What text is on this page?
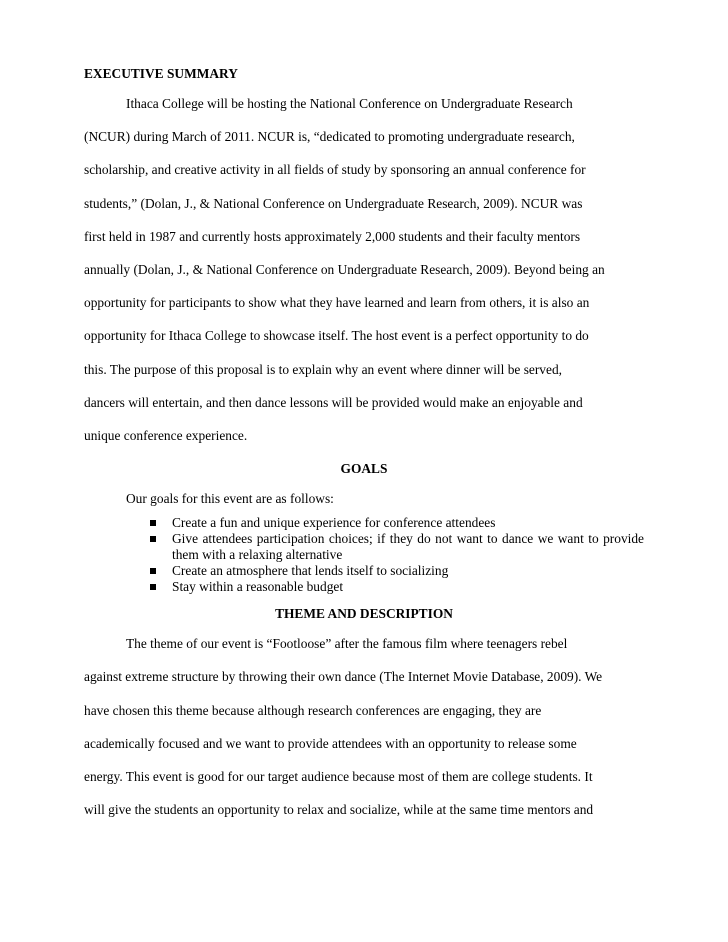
EXECUTIVE SUMMARY

Ithaca College will be hosting the National Conference on Undergraduate Research
(NCUR) during March of 2011. NCUR is, “dedicated to promoting undergraduate research,
scholarship, and creative activity in all fields of study by sponsoring an annual conference for
students,” (Dolan, J., & National Conference on Undergraduate Research, 2009). NCUR was
first held in 1987 and currently hosts approximately 2,000 students and their faculty mentors
annually (Dolan, J., & National Conference on Undergraduate Research, 2009). Beyond being an
opportunity for participants to show what they have learned and learn from others, it is also an
opportunity for Ithaca College to showcase itself. The host event is a perfect opportunity to do
this. The purpose of this proposal is to explain why an event where dinner will be served,
dancers will entertain, and then dance lessons will be provided would make an enjoyable and
unique conference experience.

GOALS

Our goals for this event are as follows:

Create a fun and unique experience for conference attendees
Give attendees participation choices; if they do not want to dance we want to provide them with a relaxing alternative
Create an atmosphere that lends itself to socializing
Stay within a reasonable budget

THEME AND DESCRIPTION

The theme of our event is “Footloose” after the famous film where teenagers rebel
against extreme structure by throwing their own dance (The Internet Movie Database, 2009). We
have chosen this theme because although research conferences are engaging, they are
academically focused and we want to provide attendees with an opportunity to release some
energy. This event is good for our target audience because most of them are college students. It
will give the students an opportunity to relax and socialize, while at the same time mentors and
